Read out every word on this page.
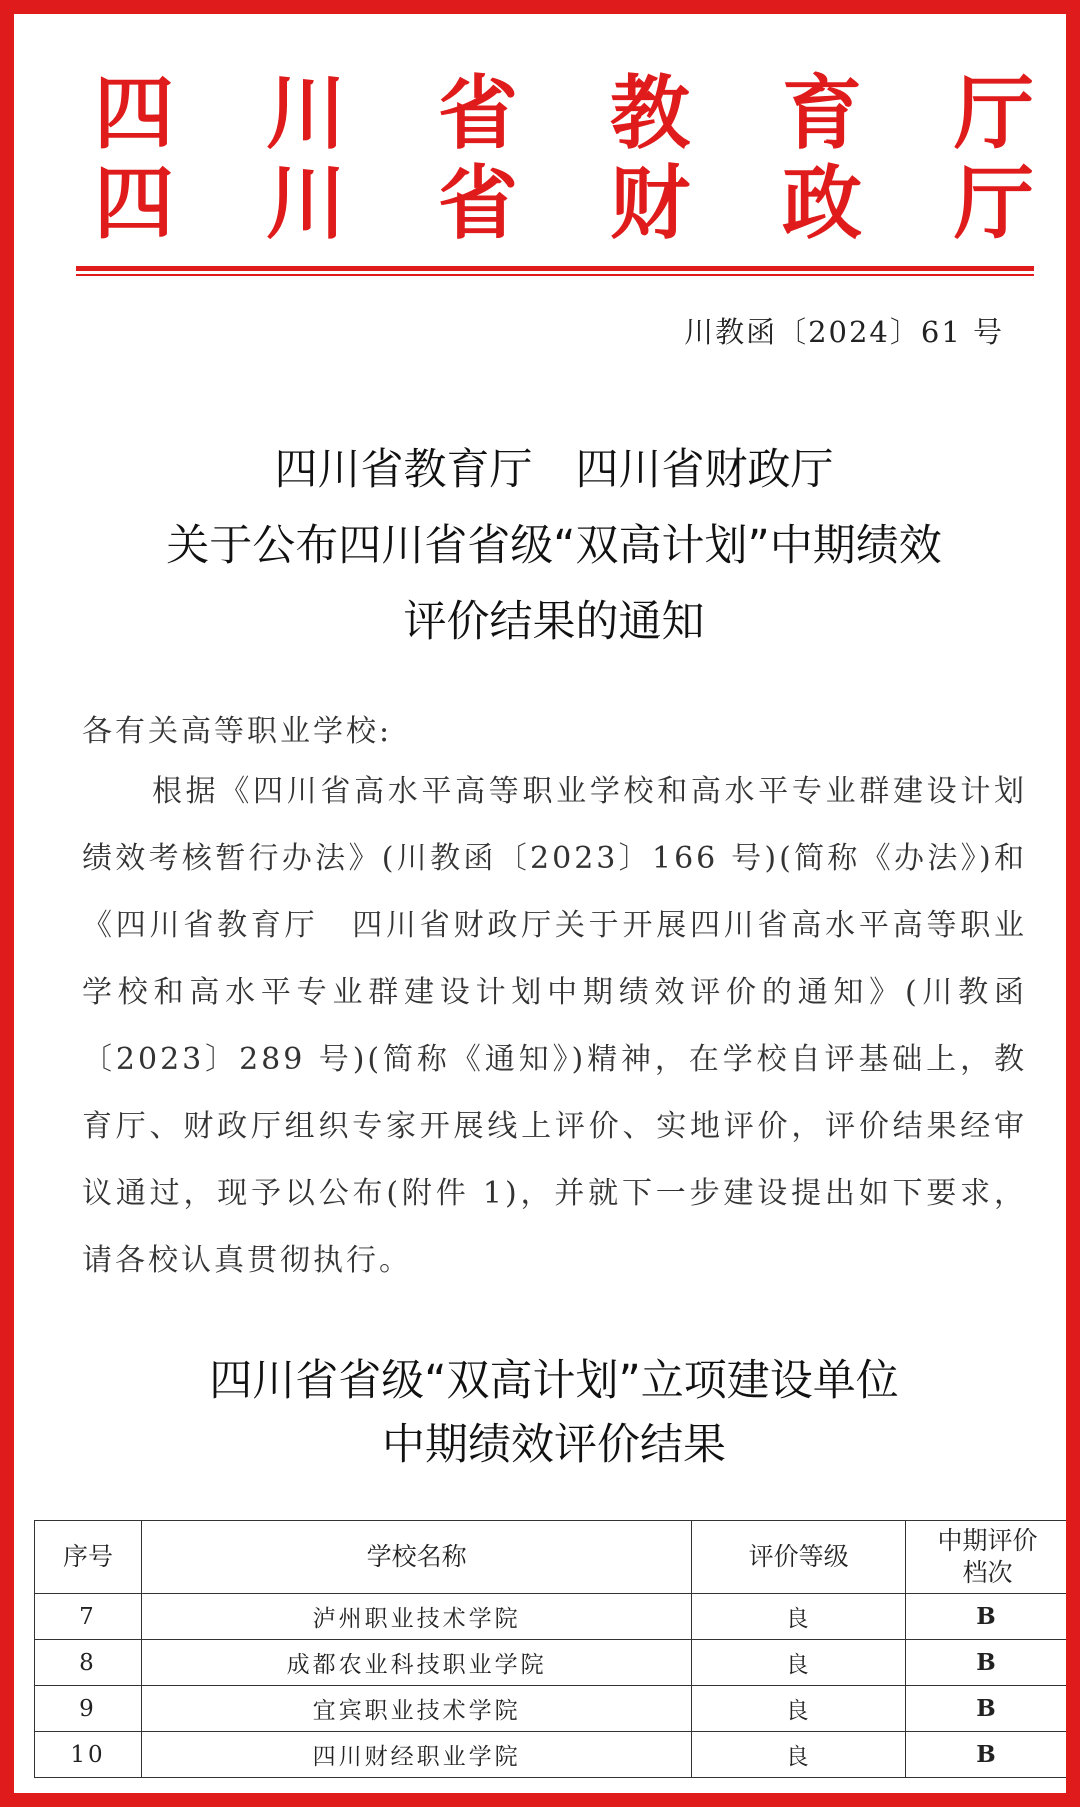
四 川 省 教 育 厅
四 川 省 财 政 厅
川教函〔2024〕61 号
四川省教育厅　四川省财政厅
关于公布四川省省级“双高计划”中期绩效
评价结果的通知
各有关高等职业学校:
根据《四川省高水平高等职业学校和高水平专业群建设计划绩效考核暂行办法》(川教函〔2023〕166 号)(简称《办法》)和《四川省教育厅　四川省财政厅关于开展四川省高水平高等职业学校和高水平专业群建设计划中期绩效评价的通知》(川教函〔2023〕289 号)(简称《通知》)精神，在学校自评基础上，教育厅、财政厅组织专家开展线上评价、实地评价，评价结果经审议通过，现予以公布(附件 1)，并就下一步建设提出如下要求，请各校认真贯彻执行。
四川省省级“双高计划”立项建设单位
中期绩效评价结果
序号	学校名称	评价等级	中期评价档次

7	泸州职业技术学院	良	B
8	成都农业科技职业学院	良	B
9	宜宾职业技术学院	良	B
10	四川财经职业学院	良	B
